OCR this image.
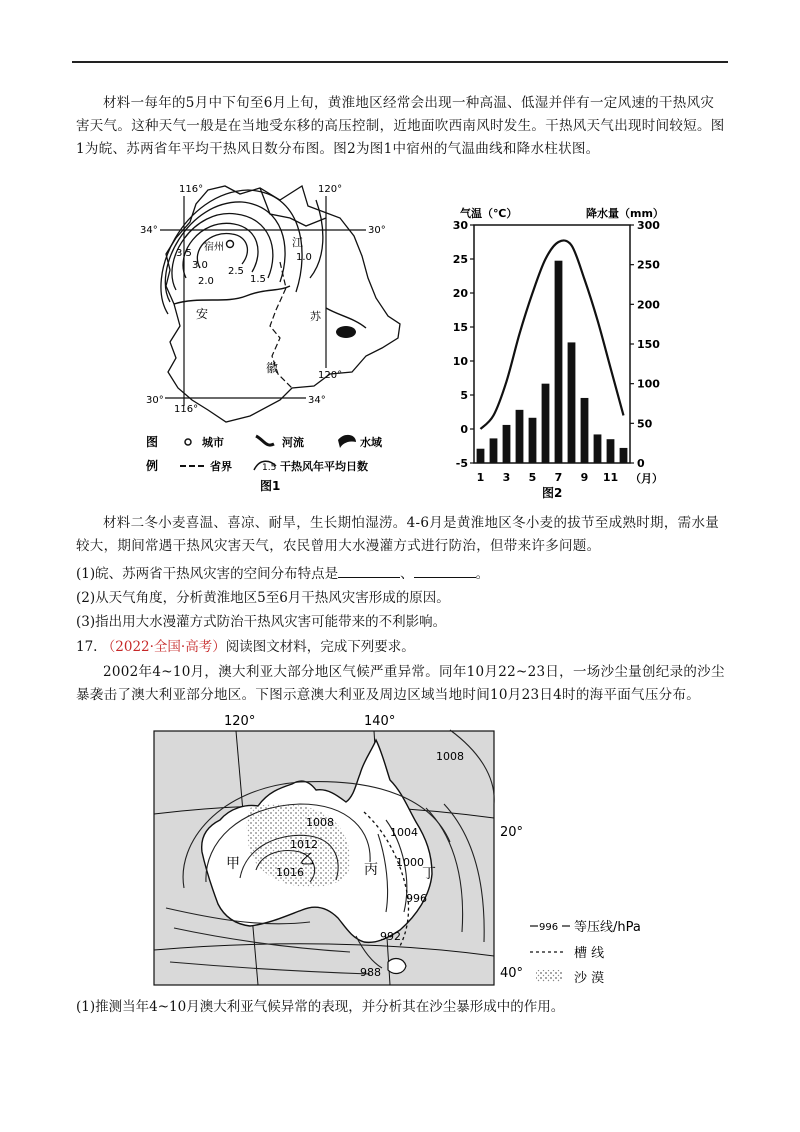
材料一每年的5月中下旬至6月上旬，黄淮地区经常会出现一种高温、低湿并伴有一定风速的干热风灾害天气。这种天气一般是在当地受东移的高压控制，近地面吹西南风时发生。干热风天气出现时间较短。图1为皖、苏两省年平均干热风日数分布图。图2为图1中宿州的气温曲线和降水柱状图。

116°	120°
34°	30°
30°	34°
116°
120°
宿州	江
苏
安
徽
3.5
3.0
2.5
2.0	1.5
1.0
图
例
城市	河流	水域
省界	1.5 干热风年平均日数
图1
气温（℃）	降水量（mm）
-5
0
5
10
15
20
25
30
0
50
100
150
200
250
300
1 3 5 7 9 11 （月）
图2

材料二冬小麦喜温、喜凉、耐旱，生长期怕湿涝。4-6月是黄淮地区冬小麦的拔节至成熟时期，需水量较大，期间常遇干热风灾害天气，农民曾用大水漫灌方式进行防治，但带来许多问题。

(1)皖、苏两省干热风灾害的空间分布特点是	、	。

(2)从天气角度，分析黄淮地区5至6月干热风灾害形成的原因。

(3)指出用大水漫灌方式防治干热风灾害可能带来的不利影响。

17. （2022·全国·高考）阅读图文材料，完成下列要求。

2002年4~10月，澳大利亚大部分地区气候严重异常。同年10月22~23日，一场沙尘量创纪录的沙尘暴袭击了澳大利亚部分地区。下图示意澳大利亚及周边区域当地时间10月23日4时的海平面气压分布。

120°	140°
1008
1008
1004
1012
1016
1000
996
992
988
甲	乙
丙	丁
20°
40°
996 等压线/hPa
槽 线
沙 漠

(1)推测当年4~10月澳大利亚气候异常的表现，并分析其在沙尘暴形成中的作用。
